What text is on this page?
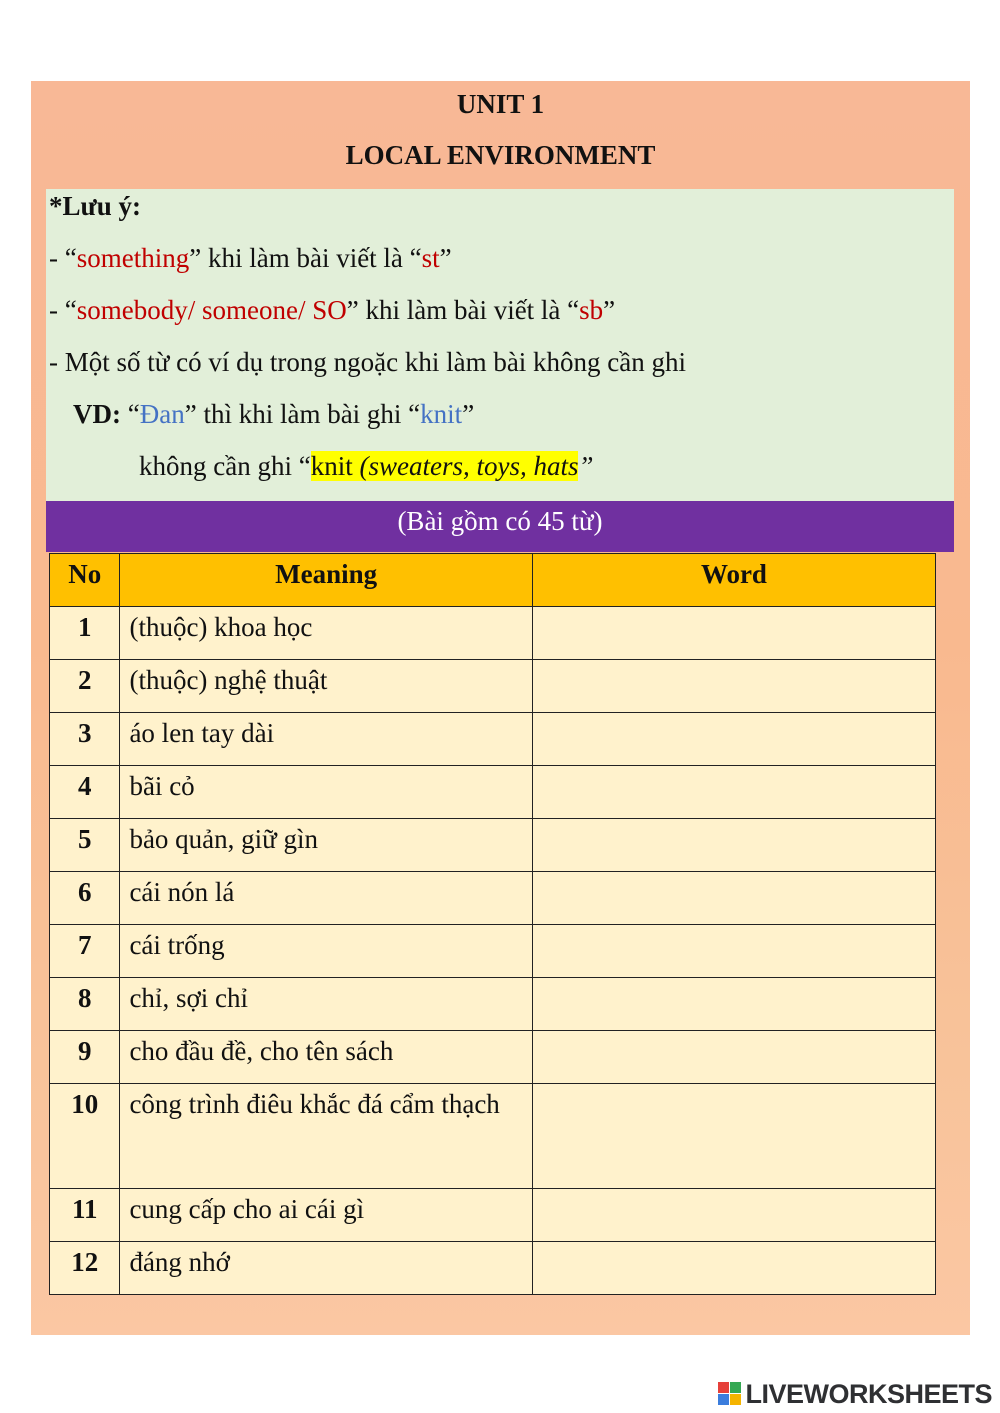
UNIT 1
LOCAL ENVIRONMENT
*Lưu ý:
- “something” khi làm bài viết là “st”
- “somebody/ someone/ SO” khi làm bài viết là “sb”
- Một số từ có ví dụ trong ngoặc khi làm bài không cần ghi
VD: “Đan” thì khi làm bài ghi “knit”
không cần ghi “knit (sweaters, toys, hats”
(Bài gồm có 45 từ)
No	Meaning	Word
1	(thuộc) khoa học	
2	(thuộc) nghệ thuật	
3	áo len tay dài	
4	bãi cỏ	
5	bảo quản, giữ gìn	
6	cái nón lá	
7	cái trống	
8	chỉ, sợi chỉ	
9	cho đầu đề, cho tên sách	

10	công trình điêu khắc đá cẩm thạch	

11	cung cấp cho ai cái gì	
12	đáng nhớ	
LIVEWORKSHEETS
